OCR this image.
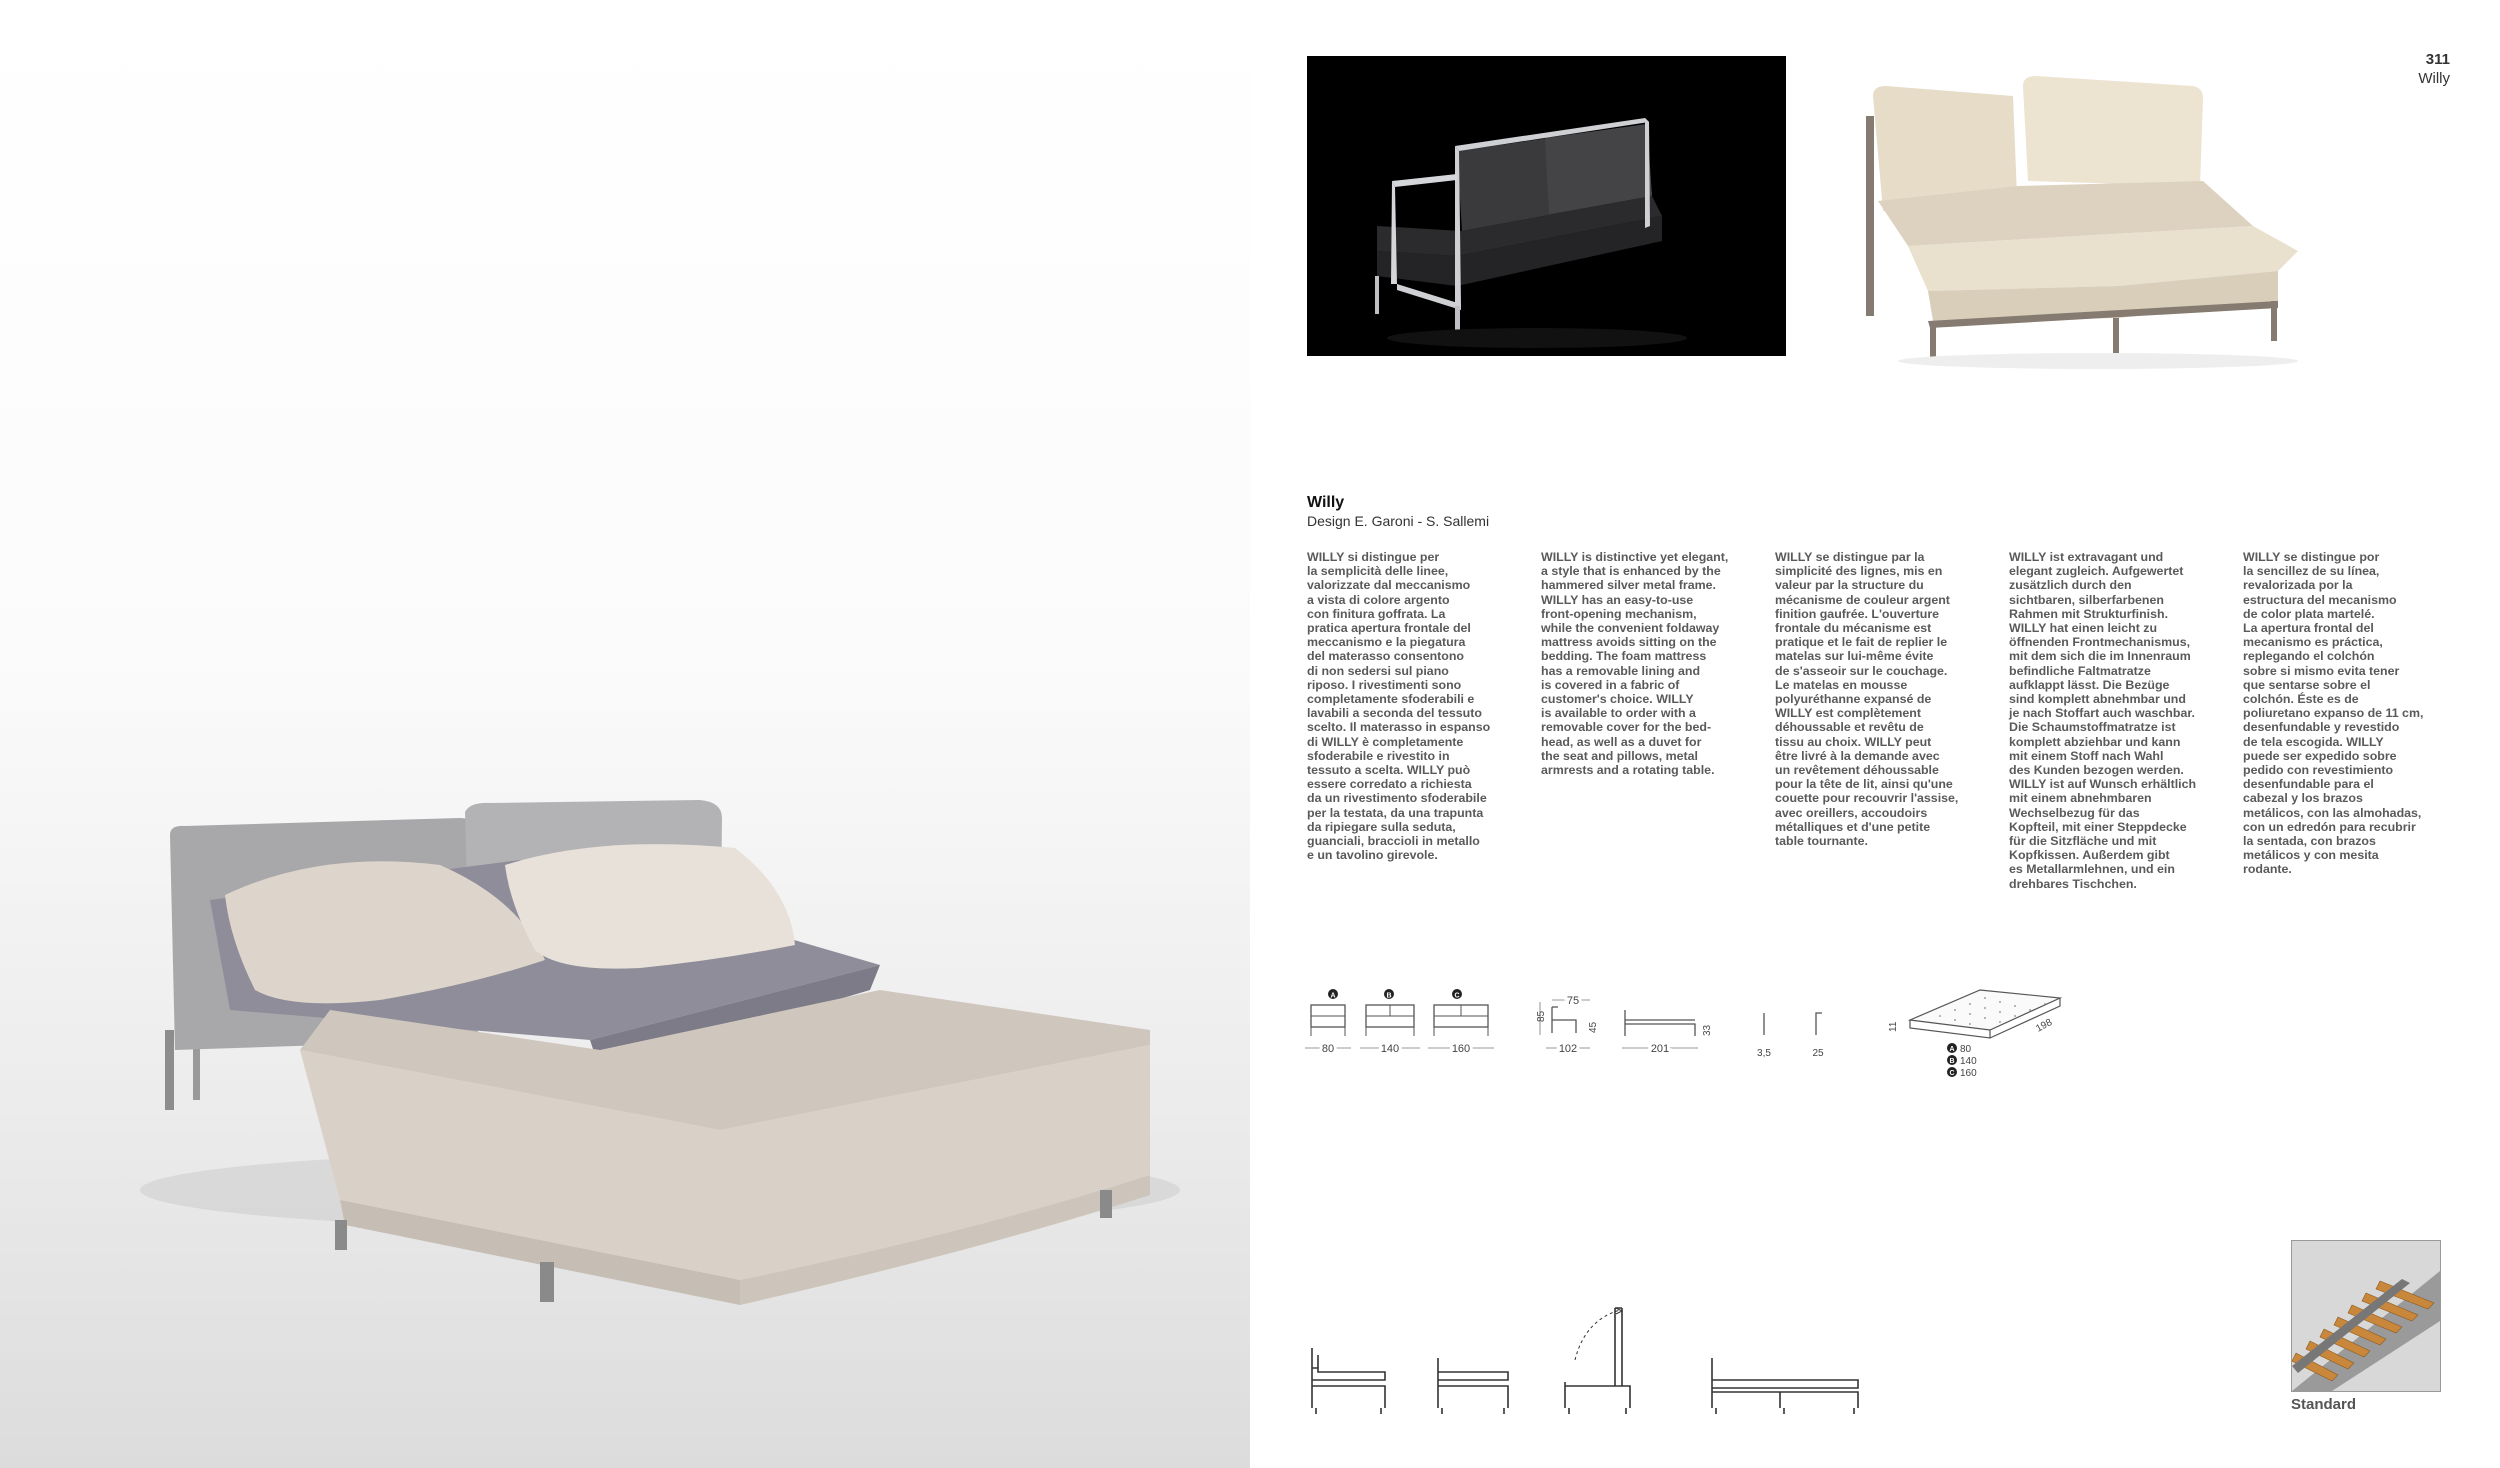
311
Willy
Willy
Design E. Garoni - S. Sallemi
WILLY si distingue per
la semplicità delle linee,
valorizzate dal meccanismo
a vista di colore argento
con finitura goffrata. La
pratica apertura frontale del
meccanismo e la piegatura
del materasso consentono
di non sedersi sul piano
riposo. I rivestimenti sono
completamente sfoderabili e
lavabili a seconda del tessuto
scelto. Il materasso in espanso
di WILLY è completamente
sfoderabile e rivestito in
tessuto a scelta. WILLY può
essere corredato a richiesta
da un rivestimento sfoderabile
per la testata, da una trapunta
da ripiegare sulla seduta,
guanciali, braccioli in metallo
e un tavolino girevole.
WILLY is distinctive yet elegant,
a style that is enhanced by the
hammered silver metal frame.
WILLY has an easy-to-use
front-opening mechanism,
while the convenient foldaway
mattress avoids sitting on the
bedding. The foam mattress
has a removable lining and
is covered in a fabric of
customer's choice. WILLY
is available to order with a
removable cover for the bed-
head, as well as a duvet for
the seat and pillows, metal
armrests and a rotating table.
WILLY se distingue par la
simplicité des lignes, mis en
valeur par la structure du
mécanisme de couleur argent
finition gaufrée. L'ouverture
frontale du mécanisme est
pratique et le fait de replier le
matelas sur lui-même évite
de s'asseoir sur le couchage.
Le matelas en mousse
polyuréthanne expansé de
WILLY est complètement
déhoussable et revêtu de
tissu au choix. WILLY peut
être livré à la demande avec
un revêtement déhoussable
pour la tête de lit, ainsi qu'une
couette pour recouvrir l'assise,
avec oreillers, accoudoirs
métalliques et d'une petite
table tournante.
WILLY ist extravagant und
elegant zugleich. Aufgewertet
zusätzlich durch den
sichtbaren, silberfarbenen
Rahmen mit Strukturfinish.
WILLY hat einen leicht zu
öffnenden Frontmechanismus,
mit dem sich die im Innenraum
befindliche Faltmatratze
aufklappt lässt. Die Bezüge
sind komplett abnehmbar und
je nach Stoffart auch waschbar.
Die Schaumstoffmatratze ist
komplett abziehbar und kann
mit einem Stoff nach Wahl
des Kunden bezogen werden.
WILLY ist auf Wunsch erhältlich
mit einem abnehmbaren
Wechselbezug für das
Kopfteil, mit einer Steppdecke
für die Sitzfläche und mit
Kopfkissen. Außerdem gibt
es Metallarmlehnen, und ein
drehbares Tischchen.
WILLY se distingue por
la sencillez de su línea,
revalorizada por la
estructura del mecanismo
de color plata martelé.
La apertura frontal del
mecanismo es práctica,
replegando el colchón
sobre si mismo evita tener
que sentarse sobre el
colchón. Éste es de
poliuretano expanso de 11 cm,
desenfundable y revestido
de tela escogida. WILLY
puede ser expedido sobre
pedido con revestimiento
desenfundable para el
cabezal y los brazos
metálicos, con las almohadas,
con un edredón para recubrir
la sentada, con brazos
metálicos y con mesita
rodante.
A
80
B
140
C
160
85
75
45
102	201
33
3,5	25
11	198
A 80
B 140
C 160
Standard
